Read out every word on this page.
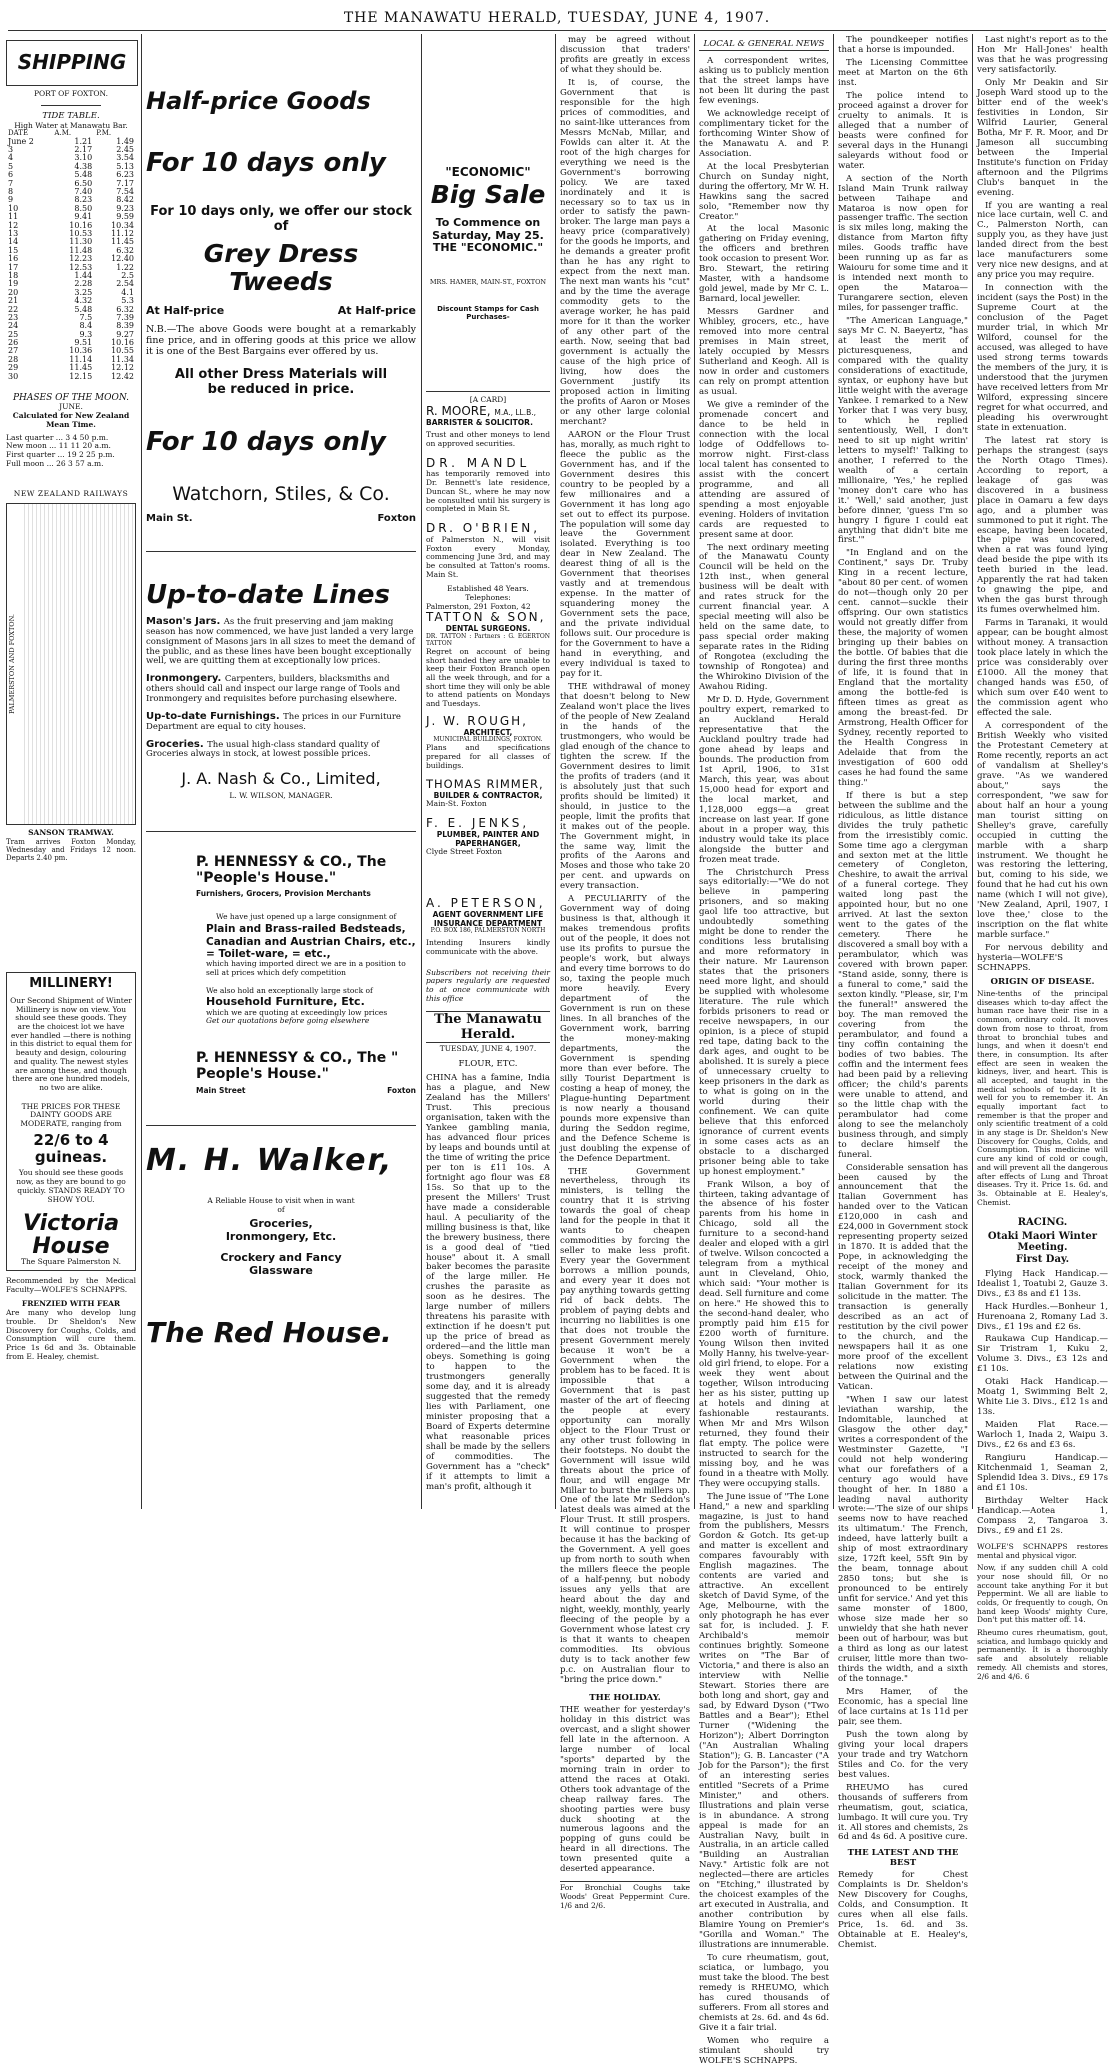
THE MANAWATU HERALD, TUESDAY, JUNE 4, 1907.
SHIPPING
PORT OF FOXTON.
TIDE TABLE.
High Water at Manawatu Bar.
DATE	A.M.	P.M.
June 2	1.21	1.49
3	2.17	2.45
4	3.10	3.54
5	4.38	5.13
6	5.48	6.23
7	6.50	7.17
8	7.40	7.54
9	8.23	8.42
10	8.50	9.23
11	9.41	9.59
12	10.16	10.34
13	10.53	11.12
14	11.30	11.45
15	11.48	6.32
16	12.23	12.40
17	12.53	1.22
18	1.44	2.5
19	2.28	2.54
20	3.25	4.1
21	4.32	5.3
22	5.48	6.32
23	7.5	7.39
24	8.4	8.39
25	9.3	9.27
26	9.51	10.16
27	10.36	10.55
28	11.14	11.34
29	11.45	12.12
30	12.15	12.42
PHASES OF THE MOON.
JUNE.
Calculated for New Zealand Mean Time.
Last quarter ... 3 4 50 p.m.
New moon ... 11 11 20 a.m.
First quarter ... 19 2 25 p.m.
Full moon ... 26 3 57 a.m.
NEW ZEALAND RAILWAYS
PALMERSTON AND FOXTON.
SANSON TRAMWAY.
Tram arrives Foxton Monday, Wednesday and Fridays 12 noon. Departs 2.40 pm.
MILLINERY!
Our Second Shipment of Winter Millinery is now on view. You should see these goods. They are the choicest lot we have ever handled —there is nothing in this district to equal them for beauty and design, colouring and quality. The newest styles are among these, and though there are one hundred models, no two are alike.
THE PRICES FOR THESE DAINTY GOODS ARE MODERATE, ranging from
22/6 to 4 guineas.
You should see these goods now, as they are bound to go quickly. STANDS READY TO SHOW YOU.
Victoria House
The Square Palmerston N.
Recommended by the Medical Faculty—WOLFE'S SCHNAPPS.
FRENZIED WITH FEAR
Are many who develop lung trouble. Dr Sheldon's New Discovery for Coughs, Colds, and Consumption will cure them. Price 1s 6d and 3s. Obtainable from E. Healey, chemist.
Half-price Goods
For 10 days only
For 10 days only, we offer our stock of
Grey Dress Tweeds
At Half-price	At Half-price
N.B.—The above Goods were bought at a remarkably fine price, and in offering goods at this price we allow it is one of the Best Bargains ever offered by us.
All other Dress Materials will be reduced in price.
For 10 days only
Watchorn, Stiles, & Co.
Main St.	Foxton
Up-to-date Lines
Mason's Jars. As the fruit preserving and jam making season has now commenced, we have just landed a very large consignment of Masons jars in all sizes to meet the demand of the public, and as these lines have been bought exceptionally well, we are quitting them at exceptionally low prices.
Ironmongery. Carpenters, builders, blacksmiths and others should call and inspect our large range of Tools and Ironmongery and requisites before purchasing elsewhere.
Up-to-date Furnishings. The prices in our Furniture Department are equal to city houses.
Groceries. The usual high-class standard quality of Groceries always in stock, at lowest possible prices.
J. A. Nash & Co., Limited,
L. W. WILSON, MANAGER.
P. HENNESSY & CO., The "People's House."
Furnishers, Grocers, Provision Merchants
We have just opened up a large consignment of
Plain and Brass-railed Bedsteads, Canadian and Austrian Chairs, etc., = Toilet-ware, = etc.,
which having imported direct we are in a position to sell at prices which defy competition
We also hold an exceptionally large stock of
Household Furniture, Etc.
which we are quoting at exceedingly low prices
Get our quotations before going elsewhere
P. HENNESSY & CO., The " People's House."
Main Street	Foxton
M. H. Walker,
A Reliable House to visit when in want of
Groceries, Ironmongery, Etc.
Crockery and Fancy Glassware
The Red House.
"ECONOMIC"
Big Sale
To Commence on Saturday, May 25. THE "ECONOMIC."
MRS. HAMER, MAIN-ST., FOXTON
Discount Stamps for Cash Purchases-
[A CARD]
R. MOORE, M.A., LL.B.,
BARRISTER & SOLICITOR.
Trust and other moneys to lend on approved securities.
DR. MANDL
has temporarily removed into Dr. Bennett's late residence, Duncan St., where he may now be consulted until his surgery is completed in Main St.
DR. O'BRIEN,
of Palmerston N., will visit Foxton every Monday, commencing June 3rd, and may be consulted at Tatton's rooms. Main St.
Established 48 Years.
Telephones:
Palmerston, 291 Foxton, 42
TATTON & SON,
DENTAL SURGEONS.
DR. TATTON : Partners : G. EGERTON TATTON
Regret on account of being short handed they are unable to keep their Foxton Branch open all the week through, and for a short time they will only be able to attend patients on Mondays and Tuesdays.
J. W. ROUGH,
ARCHITECT,
MUNICIPAL BUILDINGS, FOXTON.
Plans and specifications prepared for all classes of buildings.
THOMAS RIMMER,
BUILDER & CONTRACTOR,
Main-St. Foxton
F. E. JENKS,
PLUMBER, PAINTER AND PAPERHANGER,
Clyde Street Foxton
A. PETERSON,
AGENT GOVERNMENT LIFE INSURANCE DEPARTMENT
P.O. BOX 186, PALMERSTON NORTH
Intending Insurers kindly communicate with the above.
Subscribers not receiving their papers regularly are requested to at once communicate with this office
The Manawatu Herald.
TUESDAY, JUNE 4, 1907.
FLOUR, ETC.
CHINA has a famine, India has a plague, and New Zealand has the Millers' Trust. This precious organisation, taken with the Yankee gambling mania, has advanced flour prices by leaps and bounds until at the time of writing the price per ton is £11 10s. A fortnight ago flour was £8 15s. So that up to the present the Millers' Trust have made a considerable haul. A peculiarity of the milling business is that, like the brewery business, there is a good deal of "tied house" about it. A small baker becomes the parasite of the large miller. He crushes the parasite as soon as he desires. The large number of millers threatens his parasite with extinction if he doesn't put up the price of bread as ordered—and the little man obeys. Something is going to happen to the trustmongers generally some day, and it is already suggested that the remedy lies with Parliament, one minister proposing that a Board of Experts determine what reasonable prices shall be made by the sellers of commodities. The Government has a "check" if it attempts to limit a man's profit, although it

may be agreed without discussion that traders' profits are greatly in excess of what they should be.

It is, of course, the Government that is responsible for the high prices of commodities, and no saint-like utterances from Messrs McNab, Millar, and Fowlds can alter it. At the root of the high charges for everything we need is the Government's borrowing policy. We are taxed inordinately and it is necessary so to tax us in order to satisfy the pawn-broker. The large man pays a heavy price (comparatively) for the goods he imports, and he demands a greater profit than he has any right to expect from the next man. The next man wants his "cut" and by the time the average commodity gets to the average worker, he has paid more for it than the worker of any other part of the earth. Now, seeing that bad government is actually the cause of the high price of living, how does the Government justify its proposed action in limiting the profits of Aaron or Moses or any other large colonial merchant?

AARON or the Flour Trust has, morally, as much right to fleece the public as the Government has, and if the Government desires this country to be peopled by a few millionaires and a Government it has long ago set out to effect its purpose. The population will some day leave the Government isolated. Everything is too dear in New Zealand. The dearest thing of all is the Government that theorises vastly and at tremendous expense. In the matter of squandering money the Government sets the pace, and the private individual follows suit. Our procedure is for the Government to have a hand in everything, and every individual is taxed to pay for it.

THE withdrawal of money that doesn't belong to New Zealand won't place the lives of the people of New Zealand in the hands of the trustmongers, who would be glad enough of the chance to tighten the screw. If the Government desires to limit the profits of traders (and it is absolutely just that such profits should be limited) it should, in justice to the people, limit the profits that it makes out of the people. The Government might, in the same way, limit the profits of the Aarons and Moses and those who take 20 per cent. and upwards on every transaction.

A PECULIARITY of the Government way of doing business is that, although it makes tremendous profits out of the people, it does not use its profits to pursue the people's work, but always and every time borrows to do so, taxing the people much more heavily. Every department of the Government is run on these lines. In all branches of the Government work, barring the money-making departments, the Government is spending more than ever before. The silly Tourist Department is costing a heap of money, the Plague-hunting Department is now nearly a thousand pounds more expensive than during the Seddon regime, and the Defence Scheme is just doubling the expense of the Defence Department.

THE Government nevertheless, through its ministers, is telling the country that it is striving towards the goal of cheap land for the people in that it wants to cheapen commodities by forcing the seller to make less profit. Every year the Government borrows a million pounds, and every year it does not pay anything towards getting rid of back debts. The problem of paying debts and incurring no liabilities is one that does not trouble the present Government merely because it won't be a Government when the problem has to be faced. It is impossible that a Government that is past master of the art of fleecing the people at every opportunity can morally object to the Flour Trust or any other trust following in their footsteps. No doubt the Government will issue wild threats about the price of flour, and will engage Mr Millar to burst the millers up. One of the late Mr Seddon's latest deals was aimed at the Flour Trust. It still prospers. It will continue to prosper because it has the backing of the Government. A yell goes up from north to south when the millers fleece the people of a half-penny, but nobody issues any yells that are heard about the day and night, weekly, monthly, yearly fleecing of the people by a Government whose latest cry is that it wants to cheapen commodities. Its obvious duty is to tack another few p.c. on Australian flour to "bring the price down."

THE HOLIDAY.
THE weather for yesterday's holiday in this district was overcast, and a slight shower fell late in the afternoon. A large number of local "sports" departed by the morning train in order to attend the races at Otaki. Others took advantage of the cheap railway fares. The shooting parties were busy duck shooting at the numerous lagoons and the popping of guns could be heard in all directions. The town presented quite a deserted appearance.
For Bronchial Coughs take Woods' Great Peppermint Cure. 1/6 and 2/6.
LOCAL & GENERAL NEWS

A correspondent writes, asking us to publicly mention that the street lamps have not been lit during the past few evenings.

We acknowledge receipt of complimentary ticket for the forthcoming Winter Show of the Manawatu A. and P. Association.

At the local Presbyterian Church on Sunday night, during the offertory, Mr W. H. Hawkins sang the sacred solo, "Remember now thy Creator."

At the local Masonic gathering on Friday evening, the officers and brethren took occasion to present Wor. Bro. Stewart, the retiring Master, with a handsome gold jewel, made by Mr C. L. Barnard, local jeweller.

Messrs Gardner and Whibley, grocers, etc., have removed into more central premises in Main street, lately occupied by Messrs Sutherland and Keogh. All is now in order and customers can rely on prompt attention as usual.

We give a reminder of the promenade concert and dance to be held in connection with the local lodge of Oddfellows to-morrow night. First-class local talent has consented to assist with the concert programme, and all attending are assured of spending a most enjoyable evening. Holders of invitation cards are requested to present same at door.

The next ordinary meeting of the Manawatu County Council will be held on the 12th inst., when general business will be dealt with and rates struck for the current financial year. A special meeting will also be held on the same date, to pass special order making separate rates in the Riding of Rongotea (excluding the township of Rongotea) and the Whirokino Division of the Awahou Riding.

Mr D. D. Hyde, Government poultry expert, remarked to an Auckland Herald representative that the Auckland poultry trade had gone ahead by leaps and bounds. The production from 1st April, 1906, to 31st March, this year, was about 15,000 head for export and the local market, and 1,128,000 eggs—a great increase on last year. If gone about in a proper way, this industry would take its place alongside the butter and frozen meat trade.

The Christchurch Press says editorially:—"We do not believe in pampering prisoners, and so making gaol life too attractive, but undoubtedly something might be done to render the conditions less brutalising and more reformatory in their nature. Mr Laurenson states that the prisoners need more light, and should be supplied with wholesome literature. The rule which forbids prisoners to read or receive newspapers, in our opinion, is a piece of stupid red tape, dating back to the dark ages, and ought to be abolished. It is surely a piece of unnecessary cruelty to keep prisoners in the dark as to what is going on in the world during their confinement. We can quite believe that this enforced ignorance of current events in some cases acts as an obstacle to a discharged prisoner being able to take up honest employment."

Frank Wilson, a boy of thirteen, taking advantage of the absence of his foster parents from his home in Chicago, sold all the furniture to a second-hand dealer and eloped with a girl of twelve. Wilson concocted a telegram from a mythical aunt in Cleveland, Ohio, which said: "Your mother is dead. Sell furniture and come on here." He showed this to the second-hand dealer, who promptly paid him £15 for £200 worth of furniture. Young Wilson then invited Molly Hanny, his twelve-year-old girl friend, to elope. For a week they went about together, Wilson introducing her as his sister, putting up at hotels and dining at fashionable restaurants. When Mr and Mrs Wilson returned, they found their flat empty. The police were instructed to search for the missing boy, and he was found in a theatre with Molly. They were occupying stalls.

The June issue of "The Lone Hand," a new and sparkling magazine, is just to hand from the publishers, Messrs Gordon & Gotch. Its get-up and matter is excellent and compares favourably with English magazines. The contents are varied and attractive. An excellent sketch of David Syme, of the Age, Melbourne, with the only photograph he has ever sat for, is included. J. F. Archibald's memoir continues brightly. Someone writes on "The Bar of Victoria," and there is also an interview with Nellie Stewart. Stories there are both long and short, gay and sad, by Edward Dyson ("Two Battles and a Bear"); Ethel Turner ("Widening the Horizon"); Albert Dorrington ("An Australian Whaling Station"); G. B. Lancaster ("A Job for the Parson"); the first of an interesting series entitled "Secrets of a Prime Minister," and others. Illustrations and plain verse is in abundance. A strong appeal is made for an Australian Navy, built in Australia, in an article called "Building an Australian Navy." Artistic folk are not neglected—there are articles on "Etching," illustrated by the choicest examples of the art executed in Australia, and another contribution by Blamire Young on Premier's "Gorilla and Woman." The illustrations are innumerable.

To cure rheumatism, gout, sciatica, or lumbago, you must take the blood. The best remedy is RHEUMO, which has cured thousands of sufferers. From all stores and chemists at 2s. 6d. and 4s 6d. Give it a fair trial.

Women who require a stimulant should try WOLFE'S SCHNAPPS.

The poundkeeper notifies that a horse is impounded.

The Licensing Committee meet at Marton on the 6th inst.

The police intend to proceed against a drover for cruelty to animals. It is alleged that a number of beasts were confined for several days in the Hunangi saleyards without food or water.

A section of the North Island Main Trunk railway between Taihape and Mataroa is now open for passenger traffic. The section is six miles long, making the distance from Marton fifty miles. Goods traffic have been running up as far as Waiouru for some time and it is intended next month to open the Mataroa—Turangarere section, eleven miles, for passenger traffic.

"The American Language," says Mr C. N. Baeyertz, "has at least the merit of picturesqueness, and compared with the quality considerations of exactitude, syntax, or euphony have but little weight with the average Yankee. I remarked to a New Yorker that I was very busy, to which he replied sententiously, Well, I don't need to sit up night writin' letters to myself!' Talking to another, I referred to the wealth of a certain millionaire, 'Yes,' he replied 'money don't care who has it.' 'Well,' said another, just before dinner, 'guess I'm so hungry I figure I could eat anything that didn't bite me first.'"

"In England and on the Continent," says Dr. Truby King in a recent lecture, "about 80 per cent. of women do not—though only 20 per cent. cannot—suckle their offspring. Our own statistics would not greatly differ from these, the majority of women bringing up their babies on the bottle. Of babies that die during the first three months of life, it is found that in England that the mortality among the bottle-fed is fifteen times as great as among the breast-fed. Dr Armstrong, Health Officer for Sydney, recently reported to the Health Congress in Adelaide that from the investigation of 600 odd cases he had found the same thing."

If there is but a step between the sublime and the ridiculous, as little distance divides the truly pathetic from the irresistibly comic. Some time ago a clergyman and sexton met at the little cemetery of Congleton, Cheshire, to await the arrival of a funeral cortege. They waited long past the appointed hour, but no one arrived. At last the sexton went to the gates of the cemetery. There he discovered a small boy with a perambulator, which was covered with brown paper. "Stand aside, sonny, there is a funeral to come," said the sexton kindly. "Please, sir, I'm the funeral!" answered the boy. The man removed the covering from the perambulator, and found a tiny coffin containing the bodies of two babies. The coffin and the interment fees had been paid by a relieving officer; the child's parents were unable to attend, and so the little chap with the perambulator had come along to see the melancholy business through, and simply to declare himself the funeral.

Considerable sensation has been caused by the announcement that the Italian Government has handed over to the Vatican £120,000 in cash and £24,000 in Government stock representing property seized in 1870. It is added that the Pope, in acknowledging the receipt of the money and stock, warmly thanked the Italian Government for its solicitude in the matter. The transaction is generally described as an act of restitution by the civil power to the church, and the newspapers hail it as one more proof of the excellent relations now existing between the Quirinal and the Vatican.

"When I saw our latest leviathan warship, the Indomitable, launched at Glasgow the other day," writes a correspondent of the Westminster Gazette, "I could not help wondering what our forefathers of a century ago would have thought of her. In 1880 a leading naval authority wrote:—'The size of our ships seems now to have reached its ultimatum.' The French, indeed, have latterly built a ship of most extraordinary size, 172ft keel, 55ft 9in by the beam, tonnage about 2850 tons; but she is pronounced to be entirely unfit for service.' And yet this same monster of 1800, whose size made her so unwieldy that she hath never been out of harbour, was but a third as long as our latest cruiser, little more than two-thirds the width, and a sixth of the tonnage."

Mrs Hamer, of the Economic, has a special line of lace curtains at 1s 11d per pair, see them.

Push the town along by giving your local drapers your trade and try Watchorn Stiles and Co. for the very best values.

RHEUMO has cured thousands of sufferers from rheumatism, gout, sciatica, lumbago. It will cure you. Try it. All stores and chemists, 2s 6d and 4s 6d. A positive cure.

THE LATEST AND THE BEST
Remedy for Chest Complaints is Dr. Sheldon's New Discovery for Coughs, Colds, and Consumption. It cures when all else fails. Price, 1s. 6d. and 3s. Obtainable at E. Healey's, Chemist.

Last night's report as to the Hon Mr Hall-Jones' health was that he was progressing very satisfactorily.

Only Mr Deakin and Sir Joseph Ward stood up to the bitter end of the week's festivities in London, Sir Wilfrid Laurier, General Botha, Mr F. R. Moor, and Dr Jameson all succumbing between the Imperial Institute's function on Friday afternoon and the Pilgrims Club's banquet in the evening.

If you are wanting a real nice lace curtain, well C. and C., Palmerston North, can supply you, as they have just landed direct from the best lace manufacturers some very nice new designs, and at any price you may require.

In connection with the incident (says the Post) in the Supreme Court at the conclusion of the Paget murder trial, in which Mr Wilford, counsel for the accused, was alleged to have used strong terms towards the members of the jury, it is understood that the jurymen have received letters from Mr Wilford, expressing sincere regret for what occurred, and pleading his overwrought state in extenuation.

The latest rat story is perhaps the strangest (says the North Otago Times). According to report, a leakage of gas was discovered in a business place in Oamaru a few days ago, and a plumber was summoned to put it right. The escape, having been located, the pipe was uncovered, when a rat was found lying dead beside the pipe with its teeth buried in the lead. Apparently the rat had taken to gnawing the pipe, and when the gas burst through its fumes overwhelmed him.

Farms in Taranaki, it would appear, can be bought almost without money. A transaction took place lately in which the price was considerably over £1000. All the money that changed hands was £50, of which sum over £40 went to the commission agent who effected the sale.

A correspondent of the British Weekly who visited the Protestant Cemetery at Rome recently, reports an act of vandalism at Shelley's grave. "As we wandered about," says the correspondent, "we saw for about half an hour a young man tourist sitting on Shelley's grave, carefully occupied in cutting the marble with a sharp instrument. We thought he was restoring the lettering, but, coming to his side, we found that he had cut his own name (which I will not give), 'New Zealand, April, 1907, I love thee,' close to the inscription on the flat white marble surface."

For nervous debility and hysteria—WOLFE'S SCHNAPPS.

ORIGIN OF DISEASE.
Nine-tenths of the principal diseases which to-day affect the human race have their rise in a common, ordinary cold. It moves down from nose to throat, from throat to bronchial tubes and lungs, and when it doesn't end there, in consumption. Its after effect are seen in weaken the kidneys, liver, and heart. This is all accepted, and taught in the medical schools of to-day. It is well for you to remember it. An equally important fact to remember is that the proper and only scientific treatment of a cold in any stage is Dr. Sheldon's New Discovery for Coughs, Colds, and Consumption. This medicine will cure any kind of cold or cough, and will prevent all the dangerous after effects of Lung and Throat diseases. Try it. Price 1s. 6d. and 3s. Obtainable at E. Healey's, Chemist.
RACING.
Otaki Maori Winter Meeting.
First Day.

Flying Hack Handicap.—Idealist 1, Toatubi 2, Gauze 3. Divs., £3 8s and £1 13s.

Hack Hurdles.—Bonheur 1, Hurenoana 2, Romany Lad 3. Divs., £1 19s and £2 6s.

Raukawa Cup Handicap.—Sir Tristram 1, Kuku 2, Volume 3. Divs., £3 12s and £1 10s.

Otaki Hack Handicap.—Moatg 1, Swimming Belt 2, White Lie 3. Divs., £12 1s and 13s.

Maiden Flat Race.—Warloch 1, Inada 2, Waipu 3. Divs., £2 6s and £3 6s.

Rangiuru Handicap.—Kitchenmaid 1, Seaman 2, Splendid Idea 3. Divs., £9 17s and £1 10s.

Birthday Welter Hack Handicap.—Aotea 1, Compass 2, Tangaroa 3. Divs., £9 and £1 2s.

WOLFE'S SCHNAPPS restores mental and physical vigor.
Now, if any sudden chill A cold your nose should fill, Or no account take anything For it but Peppermint. We all are liable to colds, Or frequently to cough, On hand keep Woods' mighty Cure, Don't put this matter off. 14.
Rheumo cures rheumatism, gout, sciatica, and lumbago quickly and permanently. It is a thoroughly safe and absolutely reliable remedy. All chemists and stores, 2/6 and 4/6. 6
